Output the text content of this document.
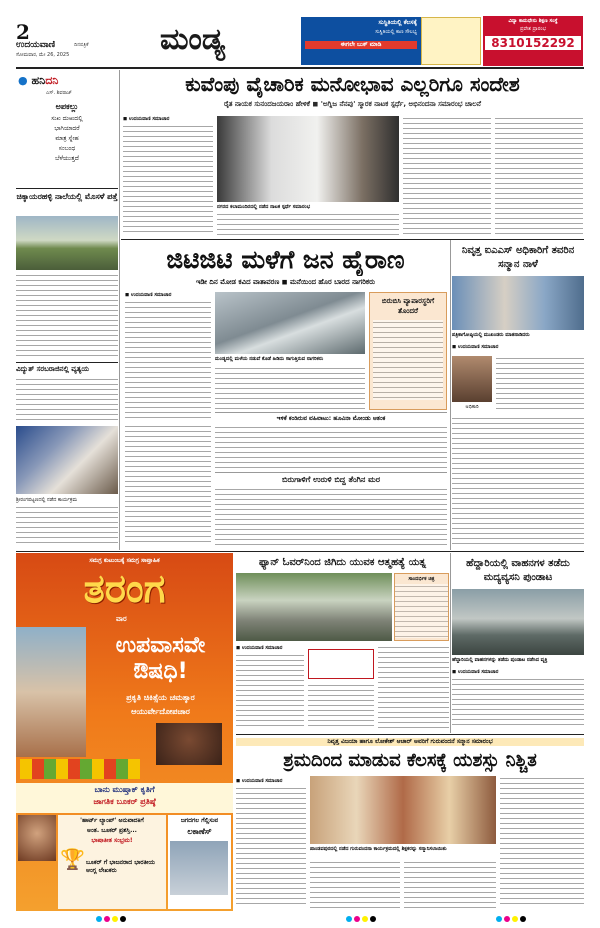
2
ಉದಯವಾಣಿ	ದಿನಪತ್ರಿಕೆ
ಸೋಮವಾರ, ಮೇ 26, 2025	ಮಂಡ್ಯ	ಸುಸ್ಥಿತಿಯಲ್ಲಿ ಕೆಲಸಕ್ಕೆ
ಸುಸ್ಥಿತಿಯಲ್ಲಿ ಕಾಣ ಸೌಲಭ್ಯ
ಈಗಲೇ ಬುಕ್ ಮಾಡಿ
ವಿದ್ಯಾ ಕಾಮಧೇನು ಶಿಕ್ಷಣ ಸಂಸ್ಥೆ
ಪ್ರವೇಶ ಪ್ರಾರಂಭ
8310152292
● ಹನಿದನಿ
ಎಸ್. ಶಿವರಾಜ್
ಅಪಕಲ್ಲು
ಸುಖ ದುಃಖದಲ್ಲಿ
ಭಾಗಿಯಾದರೆ
ಮಾತ್ರ ಸ್ನೇಹ
ಸಂಬಂಧ
ಬೆಳೆಯುತ್ತದೆ
ಚಿಕ್ಕಾಯರಹಳ್ಳಿ ನಾಲೆಯಲ್ಲಿ ಮೊಸಳೆ ಪತ್ತೆ
ವಿದ್ಯುತ್ ಸರಬರಾಜಿನಲ್ಲಿ ವ್ಯತ್ಯಯ
ಶ್ರೀರಂಗಪಟ್ಟಣದಲ್ಲಿ ನಡೆದ ಕಾರ್ಯಕ್ರಮ
ಕುವೆಂಪು ವೈಚಾರಿಕ ಮನೋಭಾವ ಎಲ್ಲರಿಗೂ ಸಂದೇಶ
ರೈತ ನಾಯಕ ಸುನಂದಜಯರಾಂ ಹೇಳಿಕೆ ◼ 'ಅಗ್ನಿಜ ನೆನಪು' ಸ್ಮಾರಕ ನಾಟಕ ಸ್ಪರ್ಧೆ, ಅಭಿನಂದನಾ ಸಮಾರಂಭ ಚಾಲನೆ
◼ ಉದಯವಾಣಿ ಸಮಾಚಾರ
ನಗರದ ಕಲಾಮಂದಿರದಲ್ಲಿ ನಡೆದ ನಾಟಕ ಸ್ಪರ್ಧೆ ಸಮಾರಂಭ
ಜಿಟಿಜಿಟಿ ಮಳೆಗೆ ಜನ ಹೈರಾಣ
ಇಡೀ ದಿನ ಮೋಡ ಕವಿದ ವಾತಾವರಣ ◼ ಮನೆಯಿಂದ ಹೊರ ಬಾರದ ನಾಗರಿಕರು
◼ ಉದಯವಾಣಿ ಸಮಾಚಾರ
ಮಂಡ್ಯದಲ್ಲಿ ಮಳೆಯ ನಡುವೆ ಕೊಡೆ ಹಿಡಿದು ಸಾಗುತ್ತಿರುವ ನಾಗರಿಕರು
ಬಿರುಬಿಸಿ ವ್ಯಾಪಾರಸ್ಥರಿಗೆ ತೊಂದರೆ
ಇಳಿಕೆ ಕಂಡಿರುವ ವಹಿವಾಟು: ಹೂವಿನಾ ಮೋಂಡು ಆತಂಕ
ಬಿರುಗಾಳಿಗೆ ಉರುಳಿ ಬಿದ್ದ ತೆಂಗಿನ ಮರ
ನಿವೃತ್ತ ಐಎಎಸ್ ಅಧಿಕಾರಿಗೆ ತವರಿನ ಸನ್ಮಾನ ನಾಳೆ
ಪತ್ರಿಕಾಗೋಷ್ಠಿಯಲ್ಲಿ ಮುಖಂಡರು ಮಾತನಾಡಿದರು
◼ ಉದಯವಾಣಿ ಸಮಾಚಾರ
ಅಧಿಕಾರಿ
ಸಮಗ್ರ ಕುಟುಂಬಕ್ಕೆ ಸಮಗ್ರ ಸಾಪ್ತಾಹಿಕ
ತರಂಗ
ವಾರ
ಉಪವಾಸವೇ
ಔಷಧಿ!
ಪ್ರಕೃತಿ ಚಿಕಿತ್ಸೆಯ ಚಮತ್ಕಾರ
ಆಯುರ್ವೇದೋಪಚಾರ
ಬಾನು ಮುಷ್ತಾಕ್ ಕೃತಿಗೆ
ಜಾಗತಿಕ ಬೂಕರ್ ಪ್ರತಿಷ್ಠೆ
'ಹಾರ್ಟ್ ಲ್ಯಾಂಪ್' ಅನುವಾದಕಿಗೆ
ಅಂತ. ಬೂಕರ್ ಪ್ರಶಸ್ತಿ...
ಭಾಷಾತೀತ ಸಂಭ್ರಮ!
🏆 ಬೂಕರ್ ಗೆ ಭಾಜನರಾದ ಭಾರತೀಯ ಆಂಗ್ಲ ಲೇಖಕರು
ಜಗದಗಲ ಗೆಲ್ಲಿಸುವ
ಲಕಾಣೆಸ್
ಫ್ಯಾನ್ ಓವರ್‌ನಿಂದ ಜಿಗಿದು ಯುವಕ ಆತ್ಮಹತ್ಯೆ ಯತ್ನ
ಸಾಂದರ್ಭಿಕ ಚಿತ್ರ
◼ ಉದಯವಾಣಿ ಸಮಾಚಾರ
ಹೆದ್ದಾರಿಯಲ್ಲಿ ವಾಹನಗಳ ತಡೆದು ಮದ್ಯವ್ಯಸನಿ ಪುಂಡಾಟ
ಹೆದ್ದಾರಿಯಲ್ಲಿ ವಾಹನಗಳನ್ನು ತಡೆದು ಪುಂಡಾಟ ನಡೆಸಿದ ವ್ಯಕ್ತಿ
◼ ಉದಯವಾಣಿ ಸಮಾಚಾರ
ನಿವೃತ್ತ ವಿಜಯಾ ಹಾಗೂ ಲೋಕೇಶ್ ಆಚಾರ್ ಅವರಿಗೆ ಗುರುವಂದನೆ ಸನ್ಮಾನ ಸಮಾರಂಭ
ಶ್ರಮದಿಂದ ಮಾಡುವ ಕೆಲಸಕ್ಕೆ ಯಶಸ್ಸು ನಿಶ್ಚಿತ
◼ ಉದಯವಾಣಿ ಸಮಾಚಾರ
ಪಾಂಡವಪುರದಲ್ಲಿ ನಡೆದ ಗುರುವಂದನಾ ಕಾರ್ಯಕ್ರಮದಲ್ಲಿ ಶಿಕ್ಷಕರನ್ನು ಸನ್ಮಾನಿಸಲಾಯಿತು
